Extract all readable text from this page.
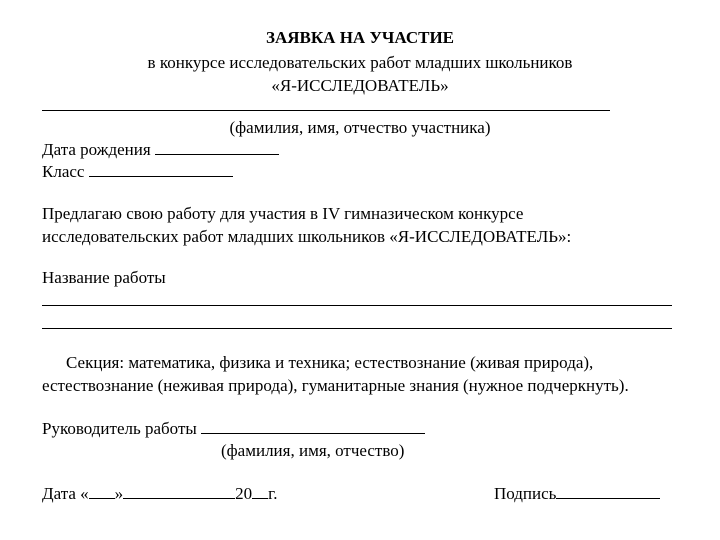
ЗАЯВКА НА УЧАСТИЕ
в конкурсе исследовательских работ младших школьников
«Я-ИССЛЕДОВАТЕЛЬ»
(фамилия, имя, отчество участника)
Дата рождения
Класс
Предлагаю свою работу для участия в IV гимназическом конкурсе
исследовательских работ младших школьников «Я-ИССЛЕДОВАТЕЛЬ»:
Название работы
Секция: математика, физика и техника; естествознание (живая природа),
естествознание (неживая природа), гуманитарные знания (нужное подчеркнуть).
Руководитель работы
(фамилия, имя, отчество)
Дата « »	20 г.	Подпись
